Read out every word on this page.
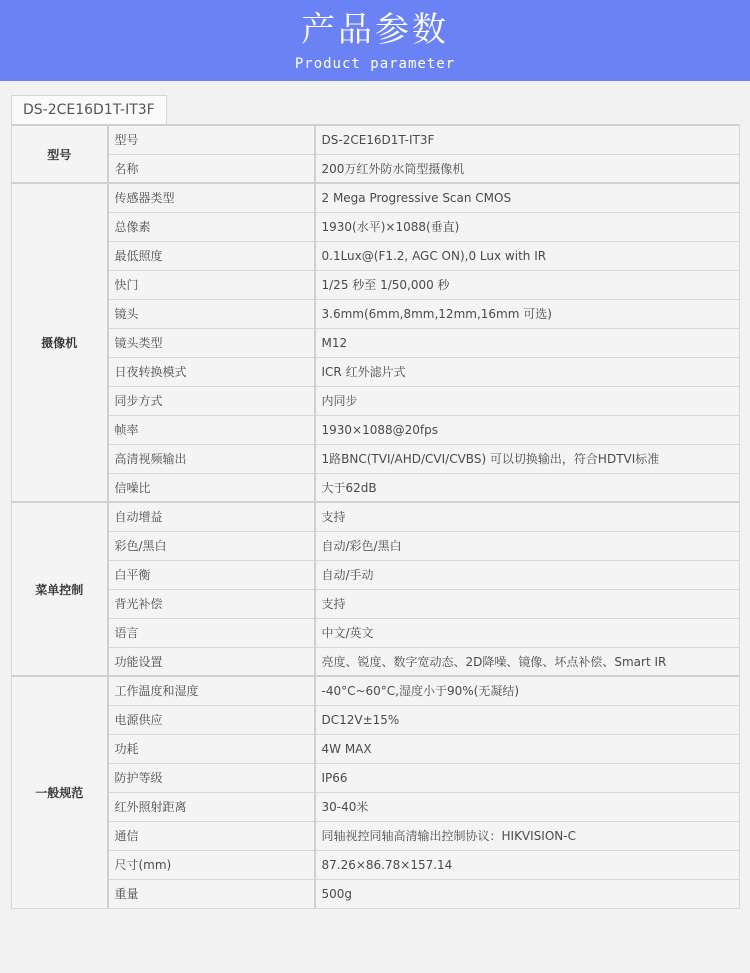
产品参数
Product parameter
DS-2CE16D1T-IT3F
型号	型号	DS-2CE16D1T-IT3F
	名称	200万红外防水筒型摄像机
摄像机	传感器类型	2 Mega Progressive Scan CMOS
	总像素	1930(水平)×1088(垂直)
	最低照度	0.1Lux@(F1.2, AGC ON),0 Lux with IR
	快门	1/25 秒至 1/50,000 秒
	镜头	3.6mm(6mm,8mm,12mm,16mm 可选)
	镜头类型	M12
	日夜转换模式	ICR 红外滤片式
	同步方式	内同步
	帧率	1930×1088@20fps
	高清视频输出	1路BNC(TVI/AHD/CVI/CVBS) 可以切换输出，符合HDTVI标准
	信噪比	大于62dB
菜单控制	自动增益	支持
	彩色/黑白	自动/彩色/黑白
	白平衡	自动/手动
	背光补偿	支持
	语言	中文/英文
	功能设置	亮度、锐度、数字宽动态、2D降噪、镜像、坏点补偿、Smart IR
一般规范	工作温度和湿度	-40°C~60°C,湿度小于90%(无凝结)
	电源供应	DC12V±15%
	功耗	4W MAX
	防护等级	IP66
	红外照射距离	30-40米
	通信	同轴视控同轴高清输出控制协议：HIKVISION-C
	尺寸(mm)	87.26×86.78×157.14
	重量	500g
